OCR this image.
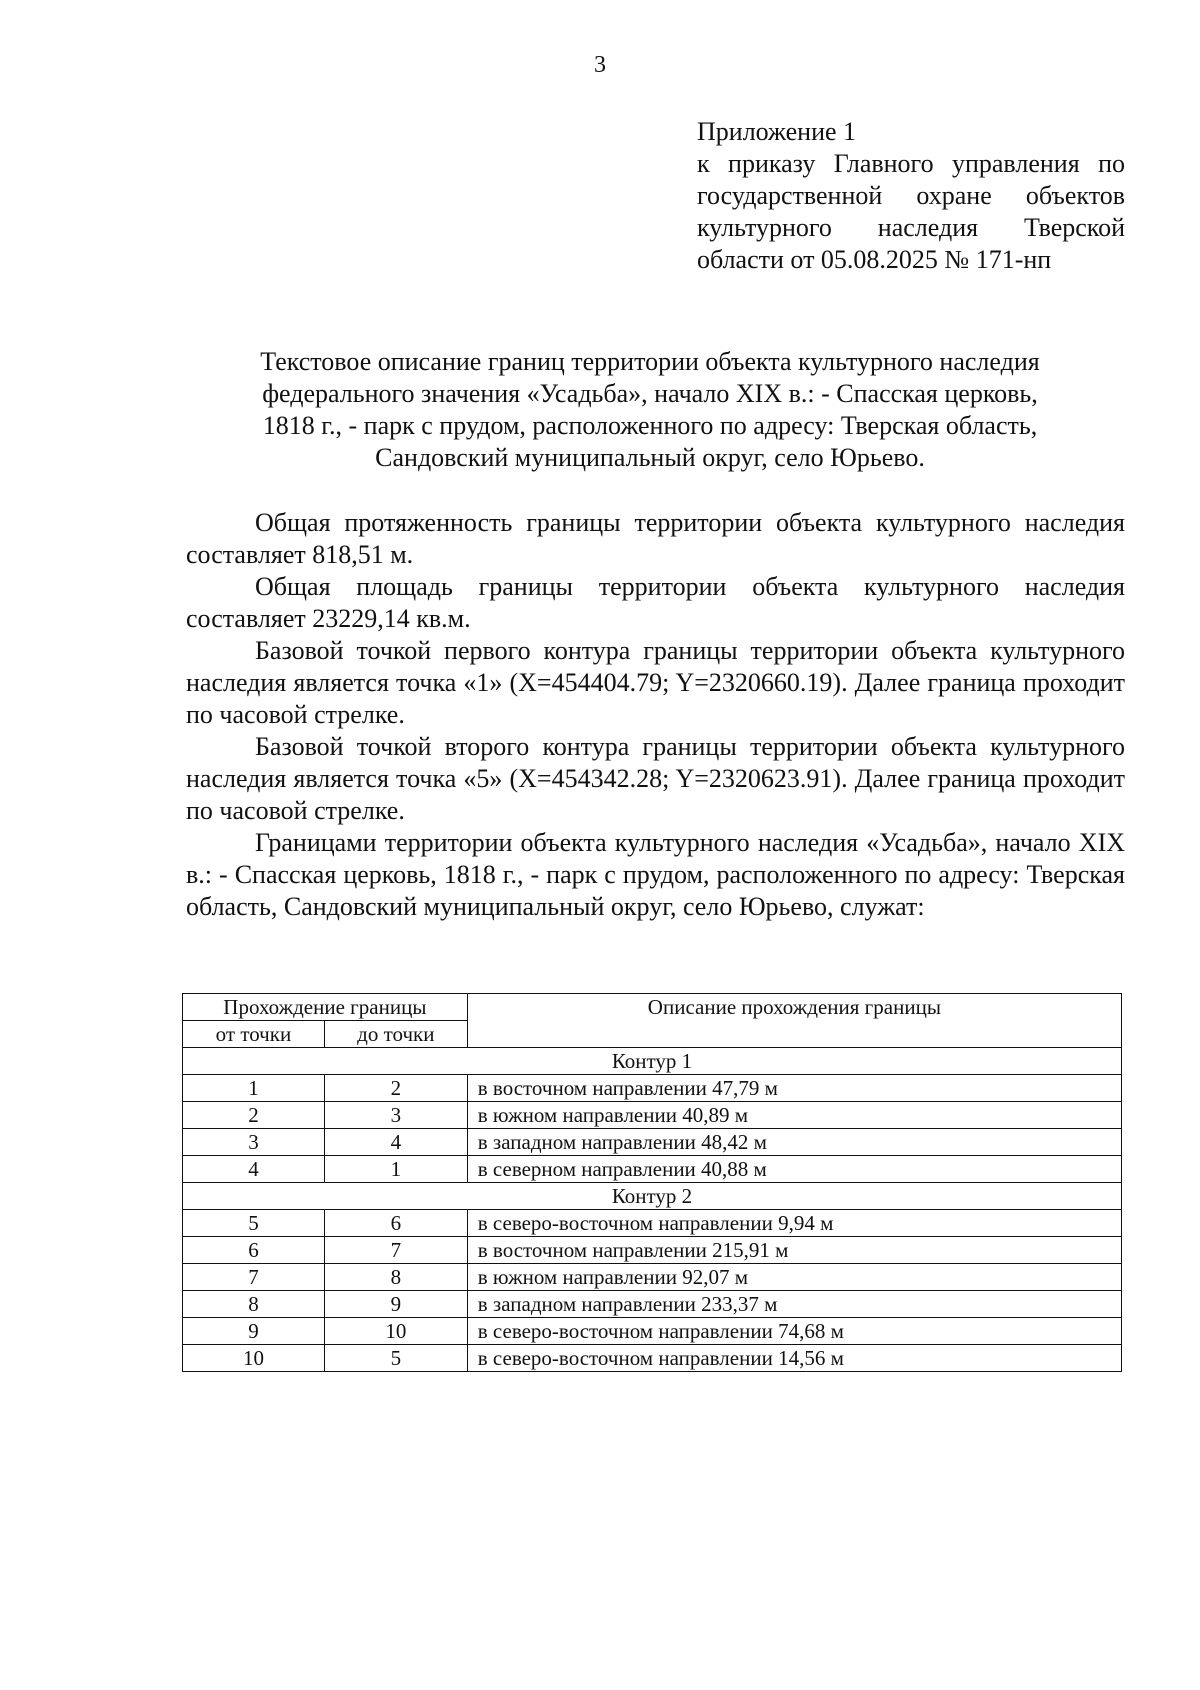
3
Приложение 1
к приказу Главного управления по
государственной охране объектов
культурного наследия Тверской
области от 05.08.2025 № 171-нп
Текстовое описание границ территории объекта культурного наследия
федерального значения «Усадьба», начало XIX в.: - Спасская церковь,
1818 г., - парк с прудом, расположенного по адресу: Тверская область,
Сандовский муниципальный округ, село Юрьево.

Общая протяженность границы территории объекта культурного наследия составляет 818,51 м.

Общая площадь границы территории объекта культурного наследия составляет 23229,14 кв.м.

Базовой точкой первого контура границы территории объекта культурного наследия является точка «1» (X=454404.79; Y=2320660.19). Далее граница проходит по часовой стрелке.

Базовой точкой второго контура границы территории объекта культурного наследия является точка «5» (X=454342.28; Y=2320623.91). Далее граница проходит по часовой стрелке.

Границами территории объекта культурного наследия «Усадьба», начало XIX в.: - Спасская церковь, 1818 г., - парк с прудом, расположенного по адресу: Тверская область, Сандовский муниципальный округ, село Юрьево, служат:

Прохождение границы		Описание прохождения границы
от точки	до точки	
Контур 1		
1	2	в восточном направлении 47,79 м
2	3	в южном направлении 40,89 м
3	4	в западном направлении 48,42 м
4	1	в северном направлении 40,88 м
Контур 2		
5	6	в северо-восточном направлении 9,94 м
6	7	в восточном направлении 215,91 м
7	8	в южном направлении 92,07 м
8	9	в западном направлении 233,37 м
9	10	в северо-восточном направлении 74,68 м
10	5	в северо-восточном направлении 14,56 м
